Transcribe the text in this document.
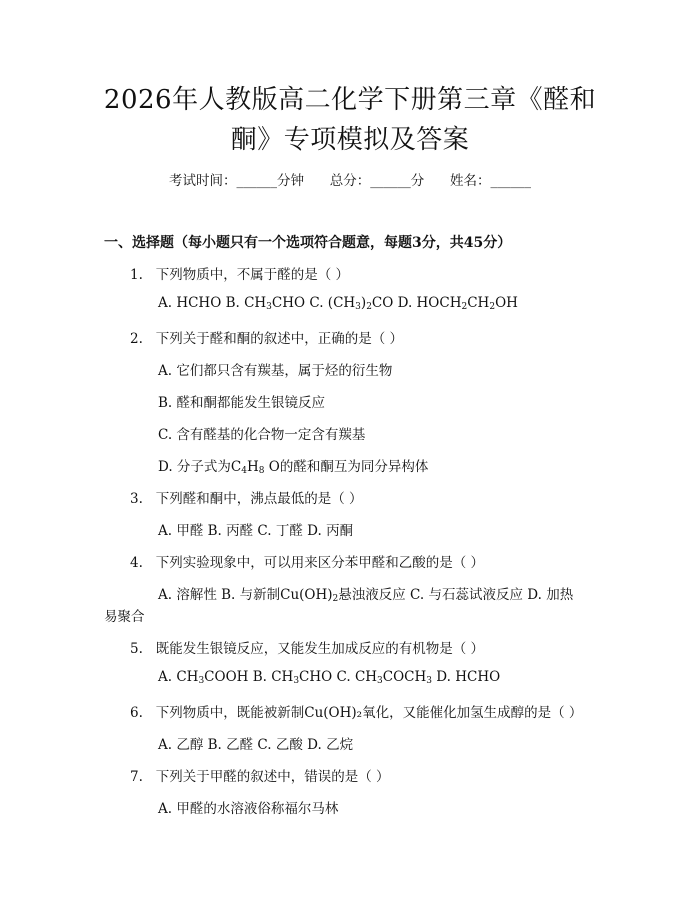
2026年人教版高二化学下册第三章《醛和
酮》专项模拟及答案
考试时间：______分钟 总分：______分 姓名：______
一、选择题（每小题只有一个选项符合题意，每题3分，共45分）
1. 下列物质中，不属于醛的是（ ）
A. HCHO B. $CH_3CHO$ C. $(CH_3)_2CO$ D. $HOCH_2CH_2OH$
2. 下列关于醛和酮的叙述中，正确的是（ ）
A. 它们都只含有羰基，属于烃的衍生物
B. 醛和酮都能发生银镜反应
C. 含有醛基的化合物一定含有羰基
D. 分子式为$C_4H_8$ O的醛和酮互为同分异构体
3. 下列醛和酮中，沸点最低的是（ ）
A. 甲醛 B. 丙醛 C. 丁醛 D. 丙酮
4. 下列实验现象中，可以用来区分苯甲醛和乙酸的是（ ）
A. 溶解性 B. 与新制$Cu(OH)_2$悬浊液反应 C. 与石蕊试液反应 D. 加热
易聚合
5. 既能发生银镜反应，又能发生加成反应的有机物是（ ）
A. $CH_3COOH$ B. $CH_3CHO$ C. $CH_3COCH_3$ D. HCHO
6. 下列物质中，既能被新制Cu(OH)₂氧化，又能催化加氢生成醇的是（ ）
A. 乙醇 B. 乙醛 C. 乙酸 D. 乙烷
7. 下列关于甲醛的叙述中，错误的是（ ）
A. 甲醛的水溶液俗称福尔马林
